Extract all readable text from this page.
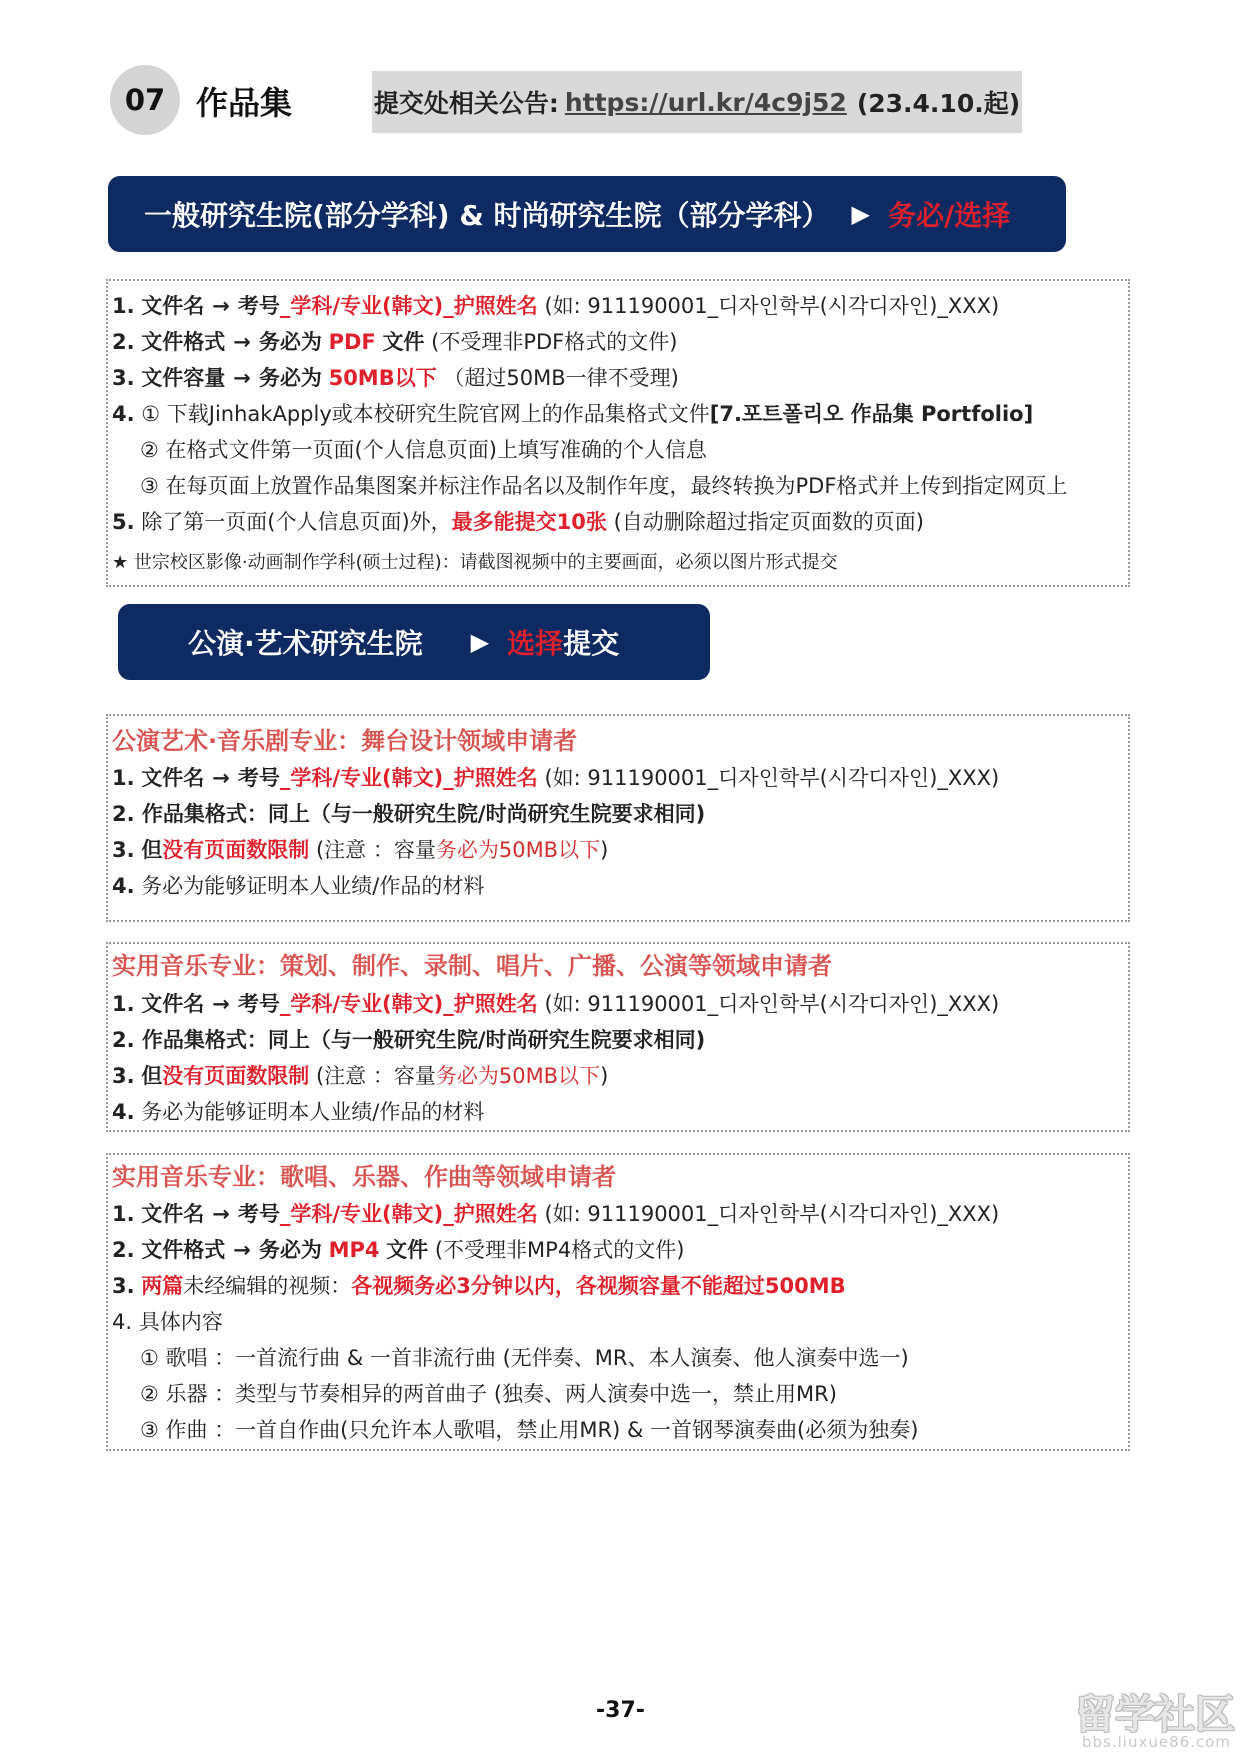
07 作品集	提交处相关公告: https://url.kr/4c9j52 (23.4.10.起)
一般研究生院(部分学科) & 时尚研究生院（部分学科） ▶ 务必/选择
1. 文件名 → 考号_学科/专业(韩文)_护照姓名 (如: 911190001_디자인학부(시각디자인)_XXX)
2. 文件格式 → 务必为 PDF 文件 (不受理非PDF格式的文件)
3. 文件容量 → 务必为 50MB以下 （超过50MB一律不受理)
4. ① 下载JinhakApply或本校研究生院官网上的作品集格式文件[7.포트폴리오 作品集 Portfolio]
② 在格式文件第一页面(个人信息页面)上填写准确的个人信息
③ 在每页面上放置作品集图案并标注作品名以及制作年度，最终转换为PDF格式并上传到指定网页上
5. 除了第一页面(个人信息页面)外，最多能提交10张 (自动删除超过指定页面数的页面)
★ 世宗校区影像·动画制作学科(硕士过程)：请截图视频中的主要画面，必须以图片形式提交
公演·艺术研究生院 ▶ 选择 提交
公演艺术·音乐剧专业：舞台设计领域申请者
1. 文件名 → 考号_学科/专业(韩文)_护照姓名 (如: 911190001_디자인학부(시각디자인)_XXX)
2. 作品集格式：同上（与一般研究生院/时尚研究生院要求相同)
3. 但没有页面数限制 (注意 ：容量务必为50MB以下)
4. 务必为能够证明本人业绩/作品的材料
实用音乐专业：策划、制作、录制、唱片、广播、公演等领域申请者
1. 文件名 → 考号_学科/专业(韩文)_护照姓名 (如: 911190001_디자인학부(시각디자인)_XXX)
2. 作品集格式：同上（与一般研究生院/时尚研究生院要求相同)
3. 但没有页面数限制 (注意 ：容量务必为50MB以下)
4. 务必为能够证明本人业绩/作品的材料
实用音乐专业：歌唱、乐器、作曲等领域申请者
1. 文件名 → 考号_学科/专业(韩文)_护照姓名 (如: 911190001_디자인학부(시각디자인)_XXX)
2. 文件格式 → 务必为 MP4 文件 (不受理非MP4格式的文件)
3. 两篇未经编辑的视频：各视频务必3分钟以内，各视频容量不能超过500MB
4. 具体内容
① 歌唱 ：一首流行曲 & 一首非流行曲 (无伴奏、MR、本人演奏、他人演奏中选一)
② 乐器 ：类型与节奏相异的两首曲子 (独奏、两人演奏中选一，禁止用MR)
③ 作曲 ：一首自作曲(只允许本人歌唱，禁止用MR) & 一首钢琴演奏曲(必须为独奏)
-37-	留学社区
bbs.liuxue86.com
